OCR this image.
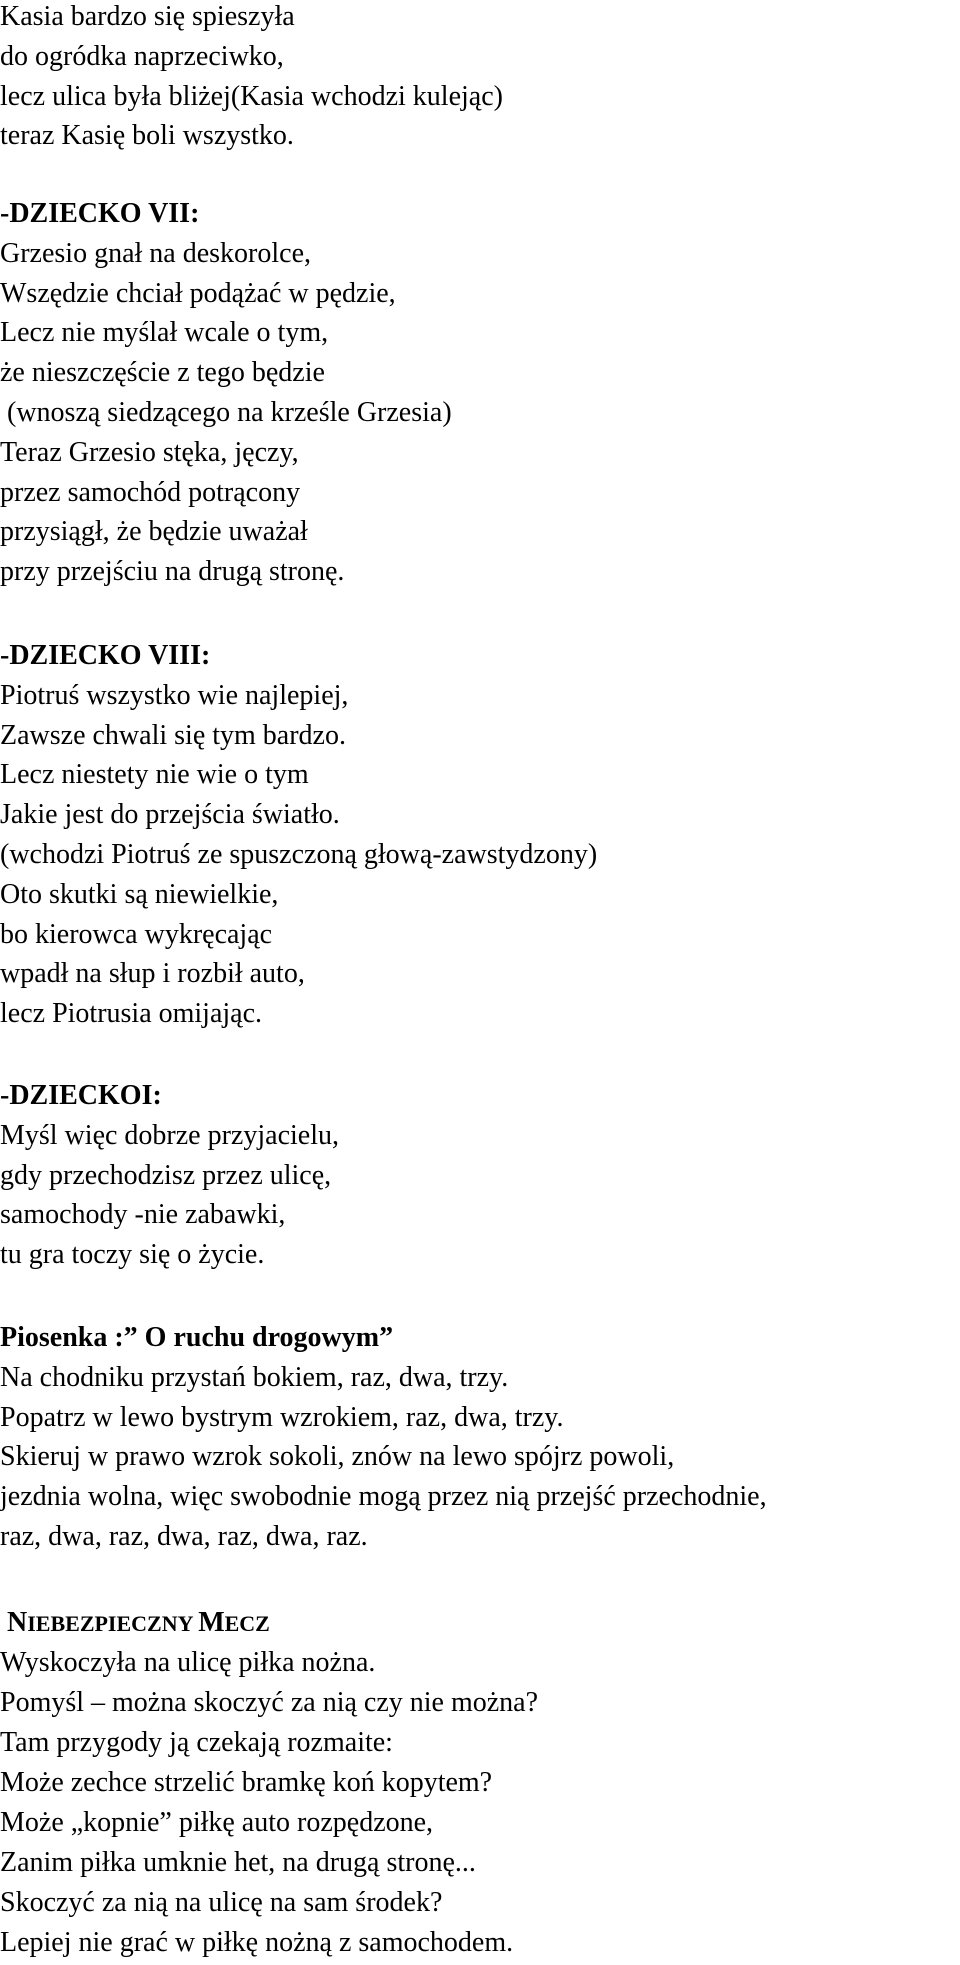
Kasia bardzo się spieszyła
do ogródka naprzeciwko,
lecz ulica była bliżej(Kasia wchodzi kulejąc)
teraz Kasię boli wszystko.
-DZIECKO VII:
Grzesio gnał na deskorolce,
Wszędzie chciał podążać w pędzie,
Lecz nie myślał wcale o tym,
że nieszczęście z tego będzie
(wnoszą siedzącego na krześle Grzesia)
Teraz Grzesio stęka, jęczy,
przez samochód potrącony
przysiągł, że będzie uważał
przy przejściu na drugą stronę.
-DZIECKO VIII:
Piotruś wszystko wie najlepiej,
Zawsze chwali się tym bardzo.
Lecz niestety nie wie o tym
Jakie jest do przejścia światło.
(wchodzi Piotruś ze spuszczoną głową-zawstydzony)
Oto skutki są niewielkie,
bo kierowca wykręcając
wpadł na słup i rozbił auto,
lecz Piotrusia omijając.
-DZIECKOI:
Myśl więc dobrze przyjacielu,
gdy przechodzisz przez ulicę,
samochody -nie zabawki,
tu gra toczy się o życie.
Piosenka :” O ruchu drogowym”
Na chodniku przystań bokiem, raz, dwa, trzy.
Popatrz w lewo bystrym wzrokiem, raz, dwa, trzy.
Skieruj w prawo wzrok sokoli, znów na lewo spójrz powoli,
jezdnia wolna, więc swobodnie mogą przez nią przejść przechodnie,
raz, dwa, raz, dwa, raz, dwa, raz.
NIEBEZPIECZNY MECZ
Wyskoczyła na ulicę piłka nożna.
Pomyśl – można skoczyć za nią czy nie można?
Tam przygody ją czekają rozmaite:
Może zechce strzelić bramkę koń kopytem?
Może „kopnie” piłkę auto rozpędzone,
Zanim piłka umknie het, na drugą stronę...
Skoczyć za nią na ulicę na sam środek?
Lepiej nie grać w piłkę nożną z samochodem.
